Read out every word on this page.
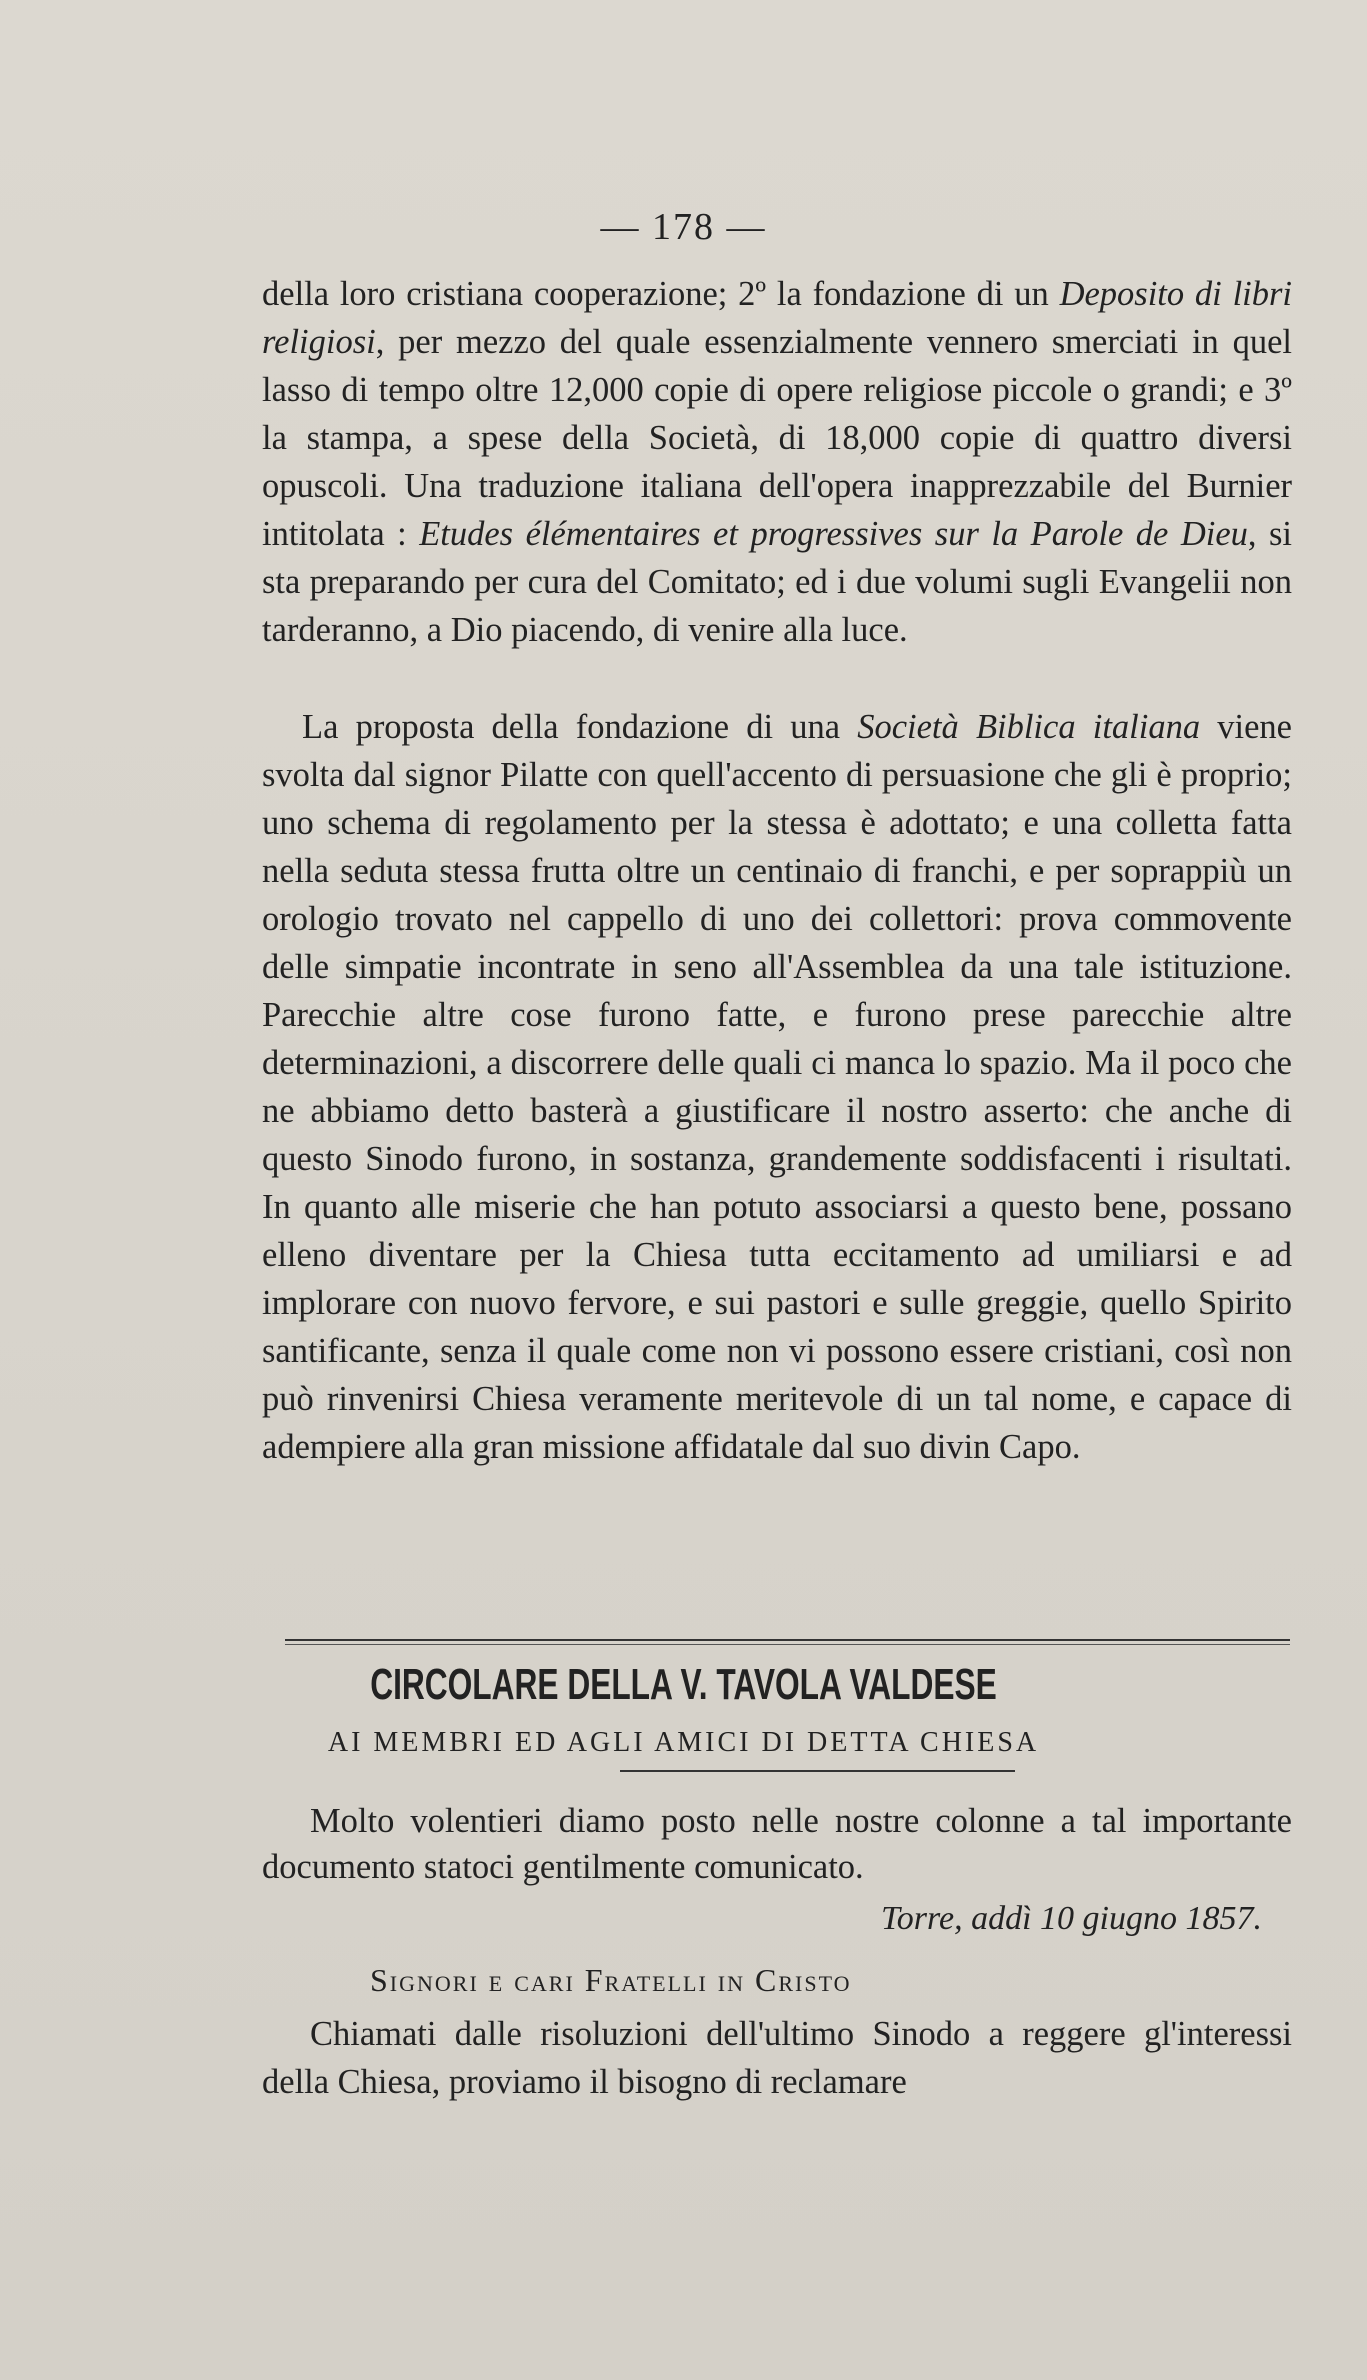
— 178 —

della loro cristiana cooperazione; 2º la fondazione di un Deposito di libri religiosi, per mezzo del quale essenzialmente vennero smerciati in quel lasso di tempo oltre 12,000 copie di opere religiose piccole o grandi; e 3º la stampa, a spese della Società, di 18,000 copie di quattro diversi opuscoli. Una traduzione italiana dell'opera inapprezzabile del Burnier intitolata : Etudes élémentaires et progressives sur la Parole de Dieu, si sta preparando per cura del Comitato; ed i due volumi sugli Evangelii non tarderanno, a Dio piacendo, di venire alla luce.

La proposta della fondazione di una Società Biblica italiana viene svolta dal signor Pilatte con quell'accento di persuasione che gli è proprio; uno schema di regolamento per la stessa è adottato; e una colletta fatta nella seduta stessa frutta oltre un centinaio di franchi, e per soprappiù un orologio trovato nel cappello di uno dei collettori: prova commovente delle simpatie incontrate in seno all'Assemblea da una tale istituzione. Parecchie altre cose furono fatte, e furono prese parecchie altre determinazioni, a discorrere delle quali ci manca lo spazio. Ma il poco che ne abbiamo detto basterà a giustificare il nostro asserto: che anche di questo Sinodo furono, in sostanza, grandemente soddisfacenti i risultati. In quanto alle miserie che han potuto associarsi a questo bene, possano elleno diventare per la Chiesa tutta eccitamento ad umiliarsi e ad implorare con nuovo fervore, e sui pastori e sulle greggie, quello Spirito santificante, senza il quale come non vi possono essere cristiani, così non può rinvenirsi Chiesa veramente meritevole di un tal nome, e capace di adempiere alla gran missione affidatale dal suo divin Capo.

CIRCOLARE DELLA V. TAVOLA VALDESE
AI MEMBRI ED AGLI AMICI DI DETTA CHIESA

Molto volentieri diamo posto nelle nostre colonne a tal importante documento statoci gentilmente comunicato.

Torre, addì 10 giugno 1857.
Signori e cari Fratelli in Cristo

Chiamati dalle risoluzioni dell'ultimo Sinodo a reggere gl'interessi della Chiesa, proviamo il bisogno di reclamare
